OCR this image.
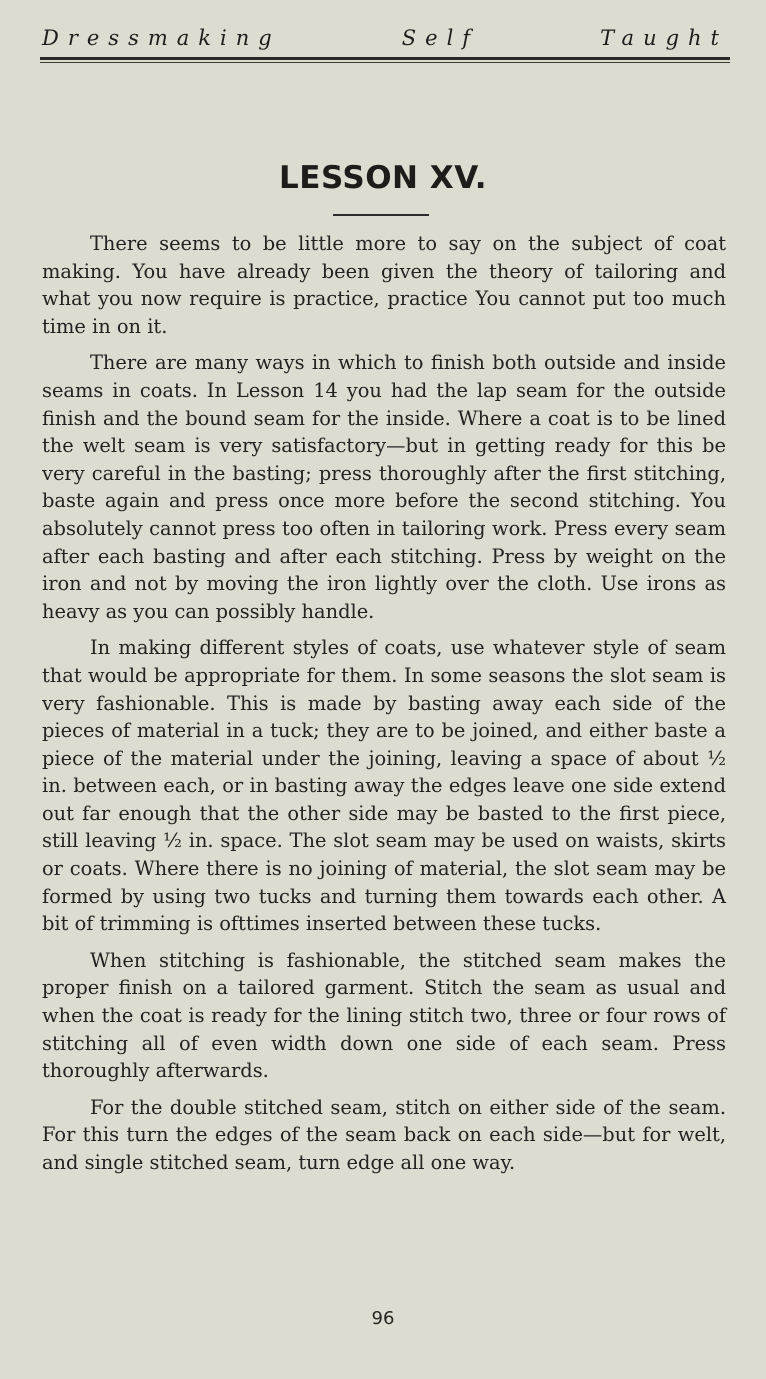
Dressmaking	Self	Taught
LESSON XV.

There seems to be little more to say on the subject of coat making. You have already been given the theory of tailoring and what you now require is practice, practice You cannot put too much time in on it.

There are many ways in which to finish both outside and inside seams in coats. In Lesson 14 you had the lap seam for the outside finish and the bound seam for the inside. Where a coat is to be lined the welt seam is very satisfactory—but in getting ready for this be very careful in the basting; press thoroughly after the first stitching, baste again and press once more before the second stitching. You absolutely cannot press too often in tailoring work. Press every seam after each basting and after each stitching. Press by weight on the iron and not by moving the iron lightly over the cloth. Use irons as heavy as you can possibly handle.

In making different styles of coats, use whatever style of seam that would be appropriate for them. In some seasons the slot seam is very fashionable. This is made by basting away each side of the pieces of material in a tuck; they are to be joined, and either baste a piece of the material under the joining, leaving a space of about ½ in. between each, or in basting away the edges leave one side extend out far enough that the other side may be basted to the first piece, still leaving ½ in. space. The slot seam may be used on waists, skirts or coats. Where there is no joining of material, the slot seam may be formed by using two tucks and turning them towards each other. A bit of trimming is ofttimes inserted between these tucks.

When stitching is fashionable, the stitched seam makes the proper finish on a tailored garment. Stitch the seam as usual and when the coat is ready for the lining stitch two, three or four rows of stitching all of even width down one side of each seam. Press thoroughly afterwards.

For the double stitched seam, stitch on either side of the seam. For this turn the edges of the seam back on each side—but for welt, and single stitched seam, turn edge all one way.

96
